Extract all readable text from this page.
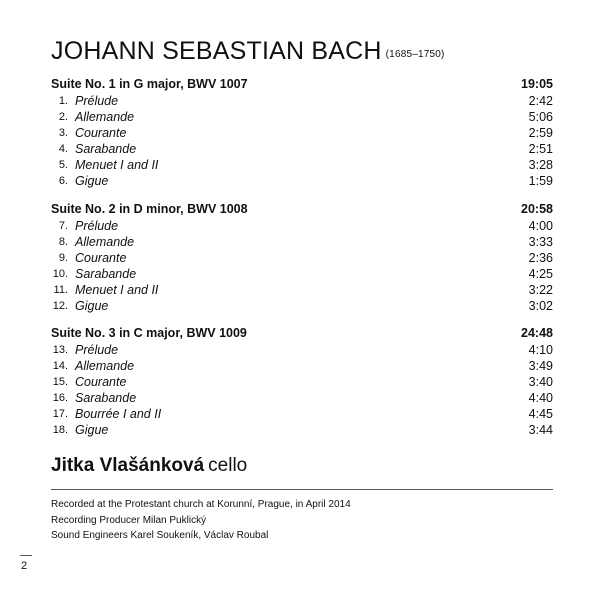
JOHANN SEBASTIAN BACH (1685–1750)
Suite No. 1 in G major, BWV 1007	19:05
1. Prélude	2:42
2. Allemande	5:06
3. Courante	2:59
4. Sarabande	2:51
5. Menuet I and II	3:28
6. Gigue	1:59
Suite No. 2 in D minor, BWV 1008	20:58
7. Prélude	4:00
8. Allemande	3:33
9. Courante	2:36
10. Sarabande	4:25
11. Menuet I and II	3:22
12. Gigue	3:02
Suite No. 3 in C major, BWV 1009	24:48
13. Prélude	4:10
14. Allemande	3:49
15. Courante	3:40
16. Sarabande	4:40
17. Bourrée I and II	4:45
18. Gigue	3:44
Jitka Vlašánková cello
Recorded at the Protestant church at Korunní, Prague, in April 2014
Recording Producer Milan Puklický
Sound Engineers Karel Soukeník, Václav Roubal
2
